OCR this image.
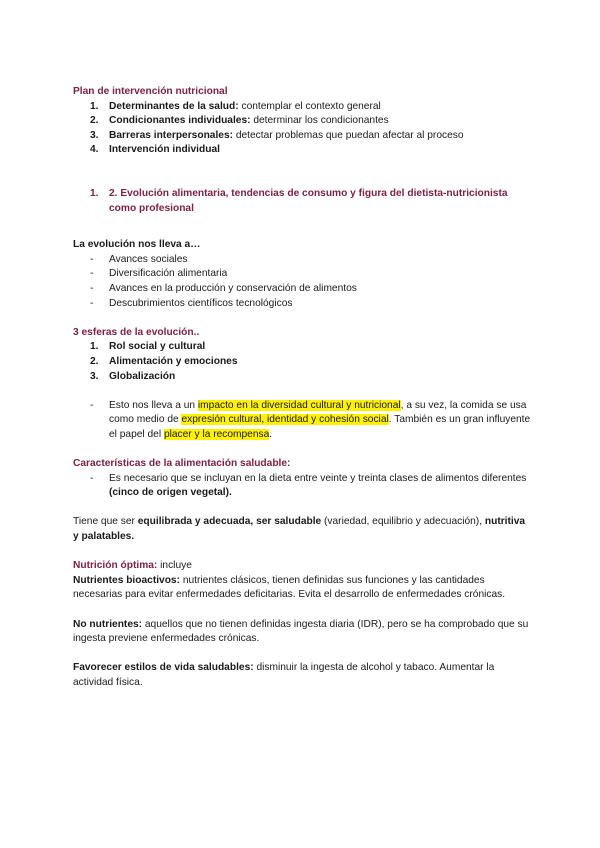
Plan de intervención nutricional
1. Determinantes de la salud: contemplar el contexto general
2. Condicionantes individuales: determinar los condicionantes
3. Barreras interpersonales: detectar problemas que puedan afectar al proceso
4. Intervención individual
1. 2. Evolución alimentaria, tendencias de consumo y figura del dietista-nutricionista como profesional
La evolución nos lleva a…
- Avances sociales
- Diversificación alimentaria
- Avances en la producción y conservación de alimentos
- Descubrimientos científicos tecnológicos
3 esferas de la evolución..
1. Rol social y cultural
2. Alimentación y emociones
3. Globalización
- Esto nos lleva a un impacto en la diversidad cultural y nutricional, a su vez, la comida se usa como medio de expresión cultural, identidad y cohesión social. También es un gran influyente el papel del placer y la recompensa.
Características de la alimentación saludable:
- Es necesario que se incluyan en la dieta entre veinte y treinta clases de alimentos diferentes (cinco de origen vegetal).

Tiene que ser equilibrada y adecuada, ser saludable (variedad, equilibrio y adecuación), nutritiva y palatables.

Nutrición óptima: incluye

Nutrientes bioactivos: nutrientes clásicos, tienen definidas sus funciones y las cantidades necesarias para evitar enfermedades deficitarias. Evita el desarrollo de enfermedades crónicas.

No nutrientes: aquellos que no tienen definidas ingesta diaria (IDR), pero se ha comprobado que su ingesta previene enfermedades crónicas.

Favorecer estilos de vida saludables: disminuir la ingesta de alcohol y tabaco. Aumentar la actividad física.
